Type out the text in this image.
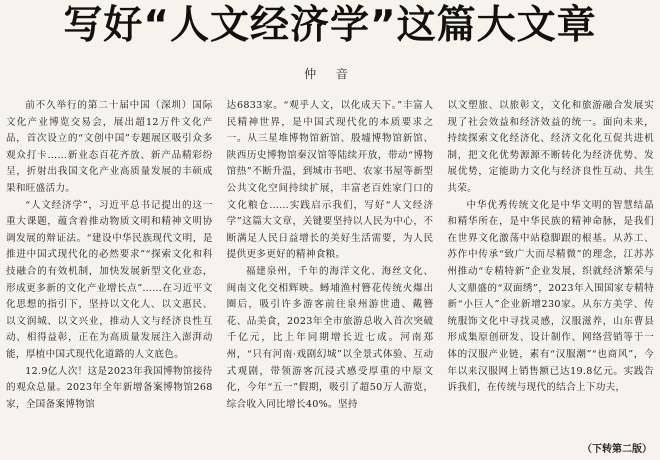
写好“人文经济学”这篇大文章
仲 音

前不久举行的第二十届中国（深圳）国际文化产业博览交易会，展出超12万件文化产品，首次设立的“文创中国”专题展区吸引众多观众打卡……新业态百花齐放、新产品精彩纷呈，折射出我国文化产业高质量发展的丰硕成果和旺盛活力。

“人文经济学”，习近平总书记提出的这一重大课题，蕴含着推动物质文明和精神文明协调发展的辩证法。“建设中华民族现代文明，是推进中国式现代化的必然要求”“探索文化和科技融合的有效机制，加快发展新型文化业态，形成更多新的文化产业增长点”……在习近平文化思想的指引下，坚持以文化人、以文惠民、以文润城、以文兴业，推动人文与经济良性互动、相得益彰，正在为高质量发展注入澎湃动能，厚植中国式现代化道路的人文底色。

12.9亿人次！这是2023年我国博物馆接待的观众总量。2023年全年新增备案博物馆268家，全国备案博物馆

达6833家。“观乎人文，以化成天下。”丰富人民精神世界，是中国式现代化的本质要求之一。从三星堆博物馆新馆、殷墟博物馆新馆、陕西历史博物馆秦汉馆等陆续开放，带动“博物馆热”不断升温，到城市书吧、农家书屋等新型公共文化空间持续扩展，丰富老百姓家门口的文化粮仓……实践启示我们，写好“人文经济学”这篇大文章，关键要坚持以人民为中心，不断满足人民日益增长的美好生活需要，为人民提供更多更好的精神食粮。

福建泉州，千年的海洋文化、海丝文化、闽南文化交相辉映。蟳埔渔村簪花传统火爆出圈后，吸引许多游客前往泉州游世遗、戴簪花、品美食，2023年全市旅游总收入首次突破千亿元，比上年同期增长近七成。河南郑州，“只有河南·戏剧幻城”以全景式体验、互动式观剧，带领游客沉浸式感受厚重的中原文化，今年“五一”假期，吸引了超50万人游览，综合收入同比增长40%。坚持

以文塑旅、以旅彰文，文化和旅游融合发展实现了社会效益和经济效益的统一。面向未来，持续探索文化经济化、经济文化化互促共进机制，把文化优势源源不断转化为经济优势、发展优势，定能助力文化与经济良性互动、共生共荣。

中华优秀传统文化是中华文明的智慧结晶和精华所在，是中华民族的精神命脉，是我们在世界文化激荡中站稳脚跟的根基。从苏工、苏作中传承“致广大而尽精微”的理念，江苏苏州推动“专精特新”企业发展，织就经济繁荣与人文鼎盛的“双面绣”，2023年入围国家专精特新“小巨人”企业新增230家。从东方美学、传统服饰文化中寻找灵感，汉服滋养，山东曹县形成集原创研发、设计制作、网络营销等于一体的汉服产业链，素有“汉服潮”“也商风”，今年以来汉服网上销售额已达19.8亿元。实践告诉我们，在传统与现代的结合上下功夫，

（下转第二版）
